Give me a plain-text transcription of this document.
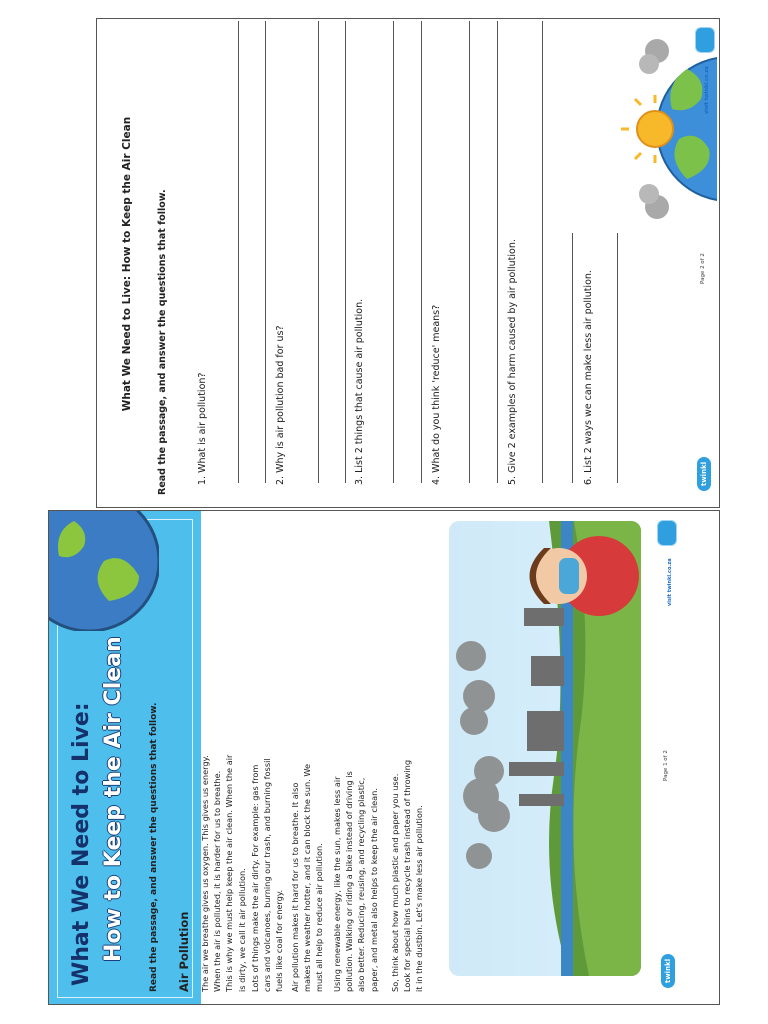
What We Need to Live: How to Keep the Air Clean	Read the passage, and answer the questions that follow.	1. What is air pollution?	2. Why is air pollution bad for us?	3. List 2 things that cause air pollution.	4. What do you think 'reduce' means?	5. Give 2 examples of harm caused by air pollution.	6. List 2 ways we can make less air pollution.	twinkl
Page 2 of 2
visit twinkl.co.za
What We Need to Live: How to Keep the Air Clean	Read the passage, and answer the questions that follow. Air Pollution The air we breathe gives us oxygen. This gives us energy. When the air is polluted, it is harder for us to breathe. This is why we must help keep the air clean. When the air is dirty, we call it air pollution. Lots of things make the air dirty. For example: gas from cars and volcanoes, burning our trash, and burning fossil fuels like coal for energy. Air pollution makes it hard for us to breathe. It also makes the weather hotter, and it can block the sun. We must all help to reduce air pollution. Using renewable energy, like the sun, makes less air pollution. Walking or riding a bike instead of driving is also better. Reducing, reusing, and recycling plastic, paper, and metal also helps to keep the air clean. So, think about how much plastic and paper you use. Look for special bins to recycle trash instead of throwing it in the dustbin. Let's make less air pollution.	twinkl
Page 1 of 2
visit twinkl.co.za
